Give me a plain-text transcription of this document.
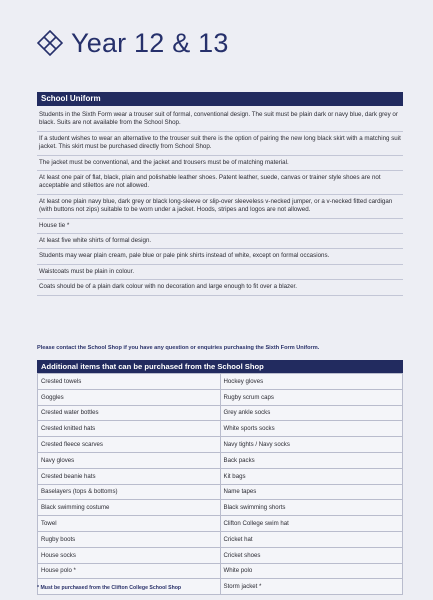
Year 12 & 13
School Uniform
Students in the Sixth Form wear a trouser suit of formal, conventional design. The suit must be plain dark or navy blue, dark grey or black. Suits are not available from the School Shop.
If a student wishes to wear an alternative to the trouser suit there is the option of pairing the new long black skirt with a matching suit jacket. This skirt must be purchased directly from School Shop.
The jacket must be conventional, and the jacket and trousers must be of matching material.
At least one pair of flat, black, plain and polishable leather shoes. Patent leather, suede, canvas or trainer style shoes are not acceptable and stilettos are not allowed.
At least one plain navy blue, dark grey or black long-sleeve or slip-over sleeveless v-necked jumper, or a v-necked fitted cardigan (with buttons not zips) suitable to be worn under a jacket. Hoods, stripes and logos are not allowed.
House tie *
At least five white shirts of formal design.
Students may wear plain cream, pale blue or pale pink shirts instead of white, except on formal occasions.
Waistcoats must be plain in colour.
Coats should be of a plain dark colour with no decoration and large enough to fit over a blazer.
Please contact the School Shop if you have any question or enquiries purchasing the Sixth Form Uniform.
Additional items that can be purchased from the School Shop
Crested towels	Hockey gloves
Goggles	Rugby scrum caps
Crested water bottles	Grey ankle socks
Crested knitted hats	White sports socks
Crested fleece scarves	Navy tights / Navy socks
Navy gloves	Back packs
Crested beanie hats	Kit bags
Baselayers (tops & bottoms)	Name tapes
Black swimming costume	Black swimming shorts
Towel	Clifton College swim hat
Rugby boots	Cricket hat
House socks	Cricket shoes
House polo *	White polo
	Storm jacket *
* Must be purchased from the Clifton College School Shop
